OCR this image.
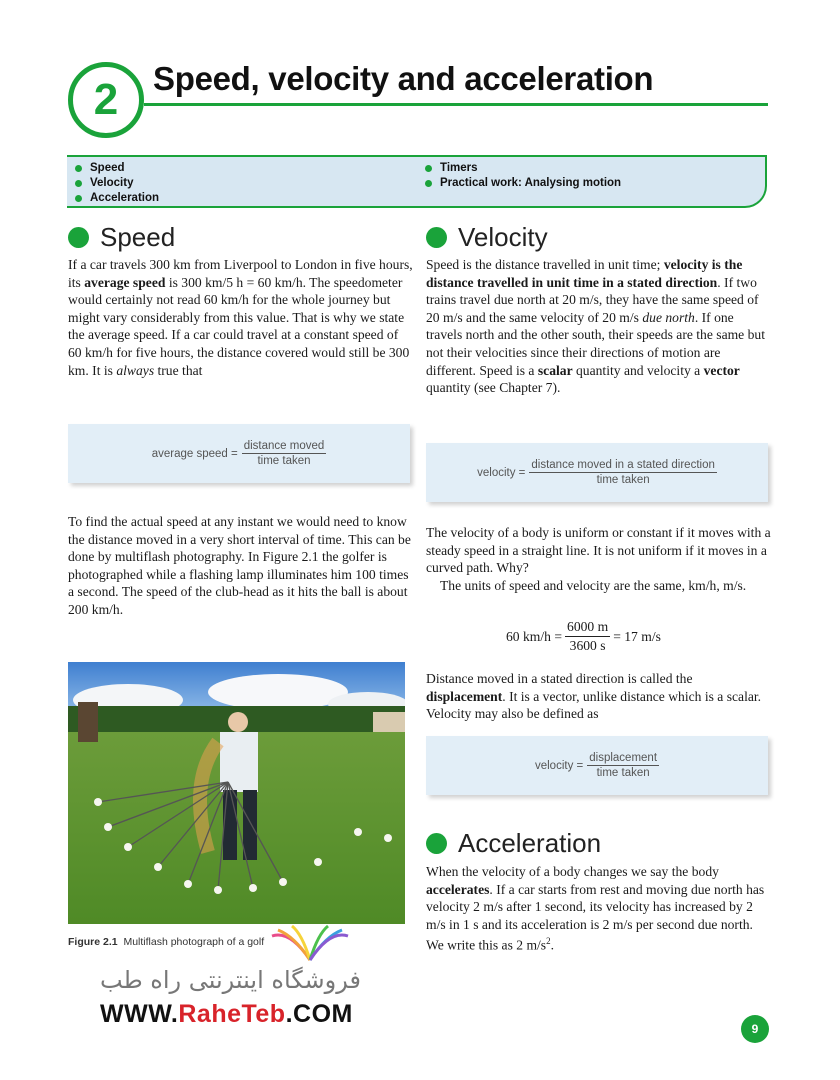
2	Speed, velocity and acceleration
Speed
Velocity
Acceleration
Timers
Practical work: Analysing motion
Speed
If a car travels 300 km from Liverpool to London in five hours, its average speed is 300 km/5 h = 60 km/h. The speedometer would certainly not read 60 km/h for the whole journey but might vary considerably from this value. That is why we state the average speed. If a car could travel at a constant speed of 60 km/h for five hours, the distance covered would still be 300 km. It is always true that
average speed = $\frac{\text{distance moved}}{\text{time taken}}$
To find the actual speed at any instant we would need to know the distance moved in a very short interval of time. This can be done by multiflash photography. In Figure 2.1 the golfer is photographed while a flashing lamp illuminates him 100 times a second. The speed of the club-head as it hits the ball is about 200 km/h.
Figure 2.1 Multiflash photograph of a golf
فروشگاه اینترنتی راه طب
WWW.RaheTeb.COM
Velocity
Speed is the distance travelled in unit time; velocity is the distance travelled in unit time in a stated direction. If two trains travel due north at 20 m/s, they have the same speed of 20 m/s and the same velocity of 20 m/s due north. If one travels north and the other south, their speeds are the same but not their velocities since their directions of motion are different. Speed is a scalar quantity and velocity a vector quantity (see Chapter 7).
velocity = $\frac{\text{distance moved in a stated direction}}{\text{time taken}}$
The velocity of a body is uniform or constant if it moves with a steady speed in a straight line. It is not uniform if it moves in a curved path. Why?
The units of speed and velocity are the same, km/h, m/s.
60 $km/h = \frac{6000 m}{3600 s} = 17$ m/s
Distance moved in a stated direction is called the displacement. It is a vector, unlike distance which is a scalar. Velocity may also be defined as
velocity = $\frac{\text{displacement}}{\text{time taken}}$
Acceleration
When the velocity of a body changes we say the body accelerates. If a car starts from rest and moving due north has velocity 2 m/s after 1 second, its velocity has increased by 2 m/s in 1 s and its acceleration is 2 m/s per second due north. We write this as 2 $m/s^2$.
9
